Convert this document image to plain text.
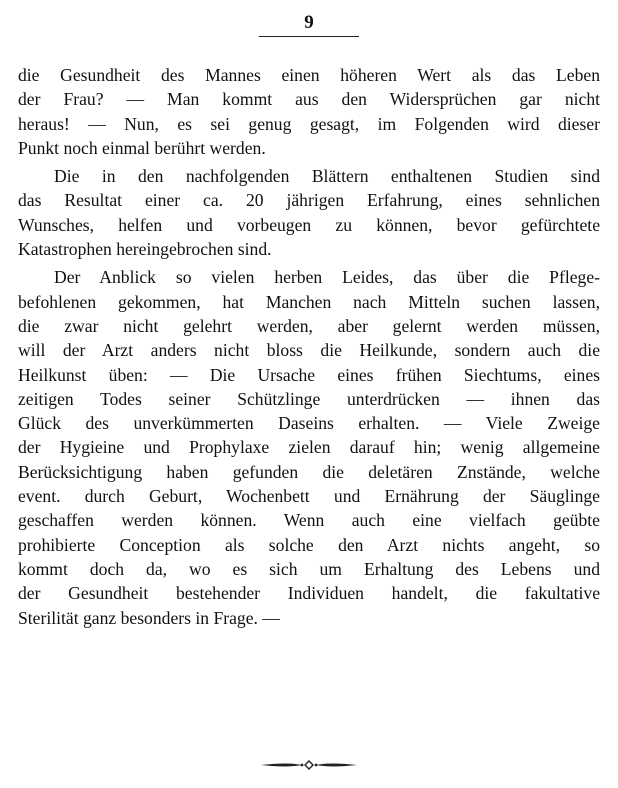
9
die Gesundheit des Mannes einen höheren Wert als das Leben
der Frau? — Man kommt aus den Widersprüchen gar nicht
heraus! — Nun, es sei genug gesagt, im Folgenden wird dieser
Punkt noch einmal berührt werden.
Die in den nachfolgenden Blättern enthaltenen Studien sind
das Resultat einer ca. 20 jährigen Erfahrung, eines sehnlichen
Wunsches, helfen und vorbeugen zu können, bevor gefürchtete
Katastrophen hereingebrochen sind.
Der Anblick so vielen herben Leides, das über die Pflege-
befohlenen gekommen, hat Manchen nach Mitteln suchen lassen,
die zwar nicht gelehrt werden, aber gelernt werden müssen,
will der Arzt anders nicht bloss die Heilkunde, sondern auch die
Heilkunst üben: — Die Ursache eines frühen Siechtums, eines
zeitigen Todes seiner Schützlinge unterdrücken — ihnen das
Glück des unverkümmerten Daseins erhalten. — Viele Zweige
der Hygieine und Prophylaxe zielen darauf hin; wenig allgemeine
Berücksichtigung haben gefunden die deletären Znstände, welche
event. durch Geburt, Wochenbett und Ernährung der Säuglinge
geschaffen werden können. Wenn auch eine vielfach geübte
prohibierte Conception als solche den Arzt nichts angeht, so
kommt doch da, wo es sich um Erhaltung des Lebens und
der Gesundheit bestehender Individuen handelt, die fakultative
Sterilität ganz besonders in Frage. —
